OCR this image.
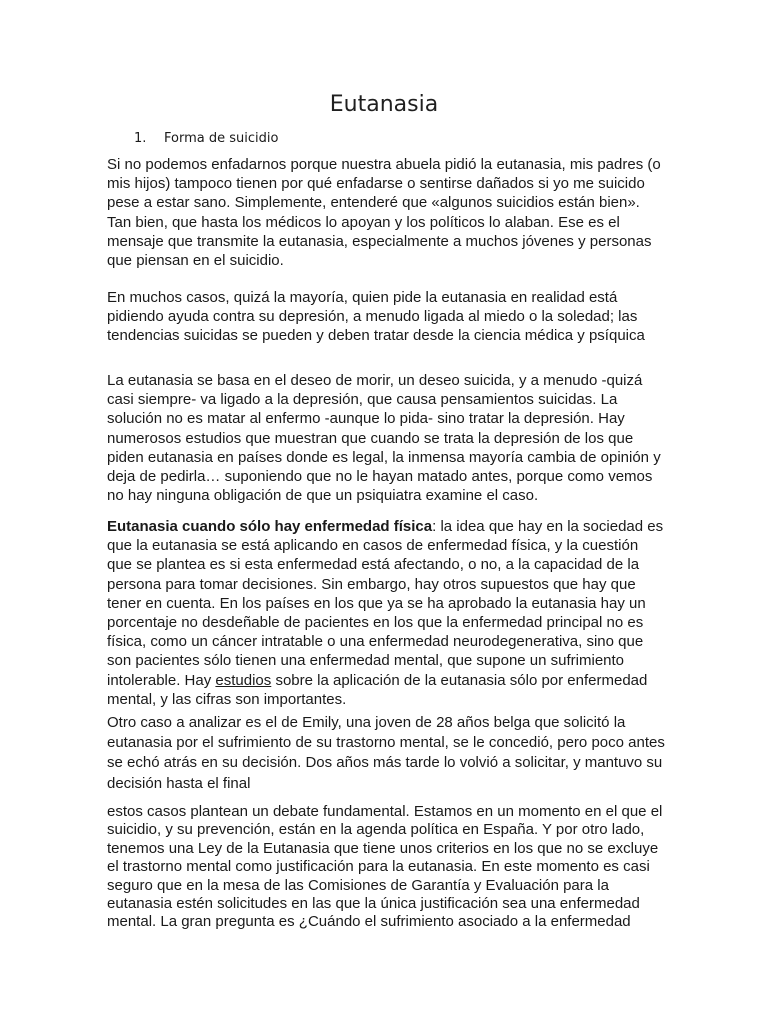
Eutanasia
1. Forma de suicidio

Si no podemos enfadarnos porque nuestra abuela pidió la eutanasia, mis padres (o mis hijos) tampoco tienen por qué enfadarse o sentirse dañados si yo me suicido pese a estar sano. Simplemente, entenderé que «algunos suicidios están bien». Tan bien, que hasta los médicos lo apoyan y los políticos lo alaban. Ese es el mensaje que transmite la eutanasia, especialmente a muchos jóvenes y personas que piensan en el suicidio.

En muchos casos, quizá la mayoría, quien pide la eutanasia en realidad está pidiendo ayuda contra su depresión, a menudo ligada al miedo o la soledad; las tendencias suicidas se pueden y deben tratar desde la ciencia médica y psíquica

La eutanasia se basa en el deseo de morir, un deseo suicida, y a menudo -quizá casi siempre- va ligado a la depresión, que causa pensamientos suicidas. La solución no es matar al enfermo -aunque lo pida- sino tratar la depresión. Hay numerosos estudios que muestran que cuando se trata la depresión de los que piden eutanasia en países donde es legal, la inmensa mayoría cambia de opinión y deja de pedirla… suponiendo que no le hayan matado antes, porque como vemos no hay ninguna obligación de que un psiquiatra examine el caso.

Eutanasia cuando sólo hay enfermedad física: la idea que hay en la sociedad es que la eutanasia se está aplicando en casos de enfermedad física, y la cuestión que se plantea es si esta enfermedad está afectando, o no, a la capacidad de la persona para tomar decisiones. Sin embargo, hay otros supuestos que hay que tener en cuenta. En los países en los que ya se ha aprobado la eutanasia hay un porcentaje no desdeñable de pacientes en los que la enfermedad principal no es física, como un cáncer intratable o una enfermedad neurodegenerativa, sino que son pacientes sólo tienen una enfermedad mental, que supone un sufrimiento intolerable. Hay estudios sobre la aplicación de la eutanasia sólo por enfermedad mental, y las cifras son importantes.

Otro caso a analizar es el de Emily, una joven de 28 años belga que solicitó la eutanasia por el sufrimiento de su trastorno mental, se le concedió, pero poco antes se echó atrás en su decisión. Dos años más tarde lo volvió a solicitar, y mantuvo su decisión hasta el final

estos casos plantean un debate fundamental. Estamos en un momento en el que el suicidio, y su prevención, están en la agenda política en España. Y por otro lado, tenemos una Ley de la Eutanasia que tiene unos criterios en los que no se excluye el trastorno mental como justificación para la eutanasia. En este momento es casi seguro que en la mesa de las Comisiones de Garantía y Evaluación para la eutanasia estén solicitudes en las que la única justificación sea una enfermedad mental. La gran pregunta es ¿Cuándo el sufrimiento asociado a la enfermedad
